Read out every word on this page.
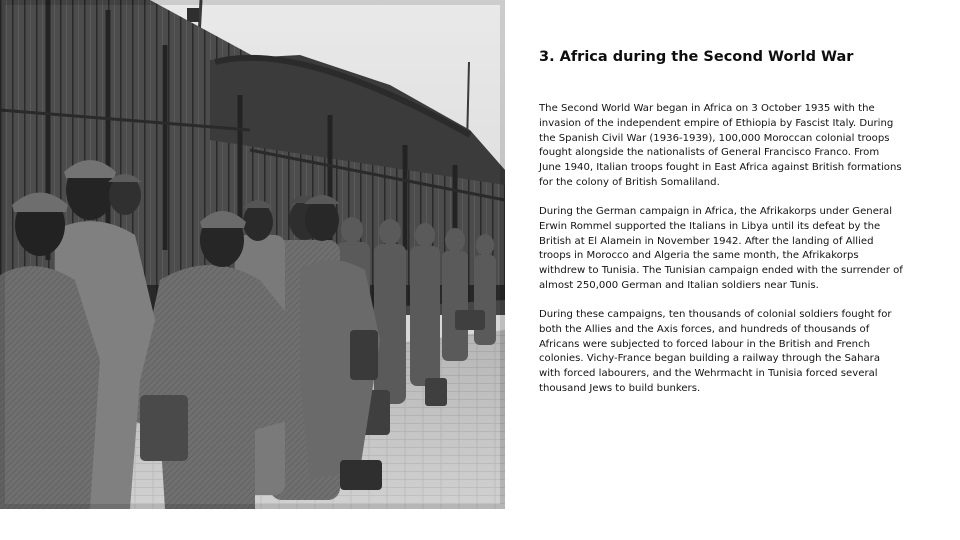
3. Africa during the Second World War

The Second World War began in Africa on 3 October 1935 with the invasion of the independent empire of Ethiopia by Fascist Italy. During the Spanish Civil War (1936-1939), 100,000 Moroccan colonial troops fought alongside the nationalists of General Francisco Franco. From June 1940, Italian troops fought in East Africa against British formations for the colony of British Somaliland.

During the German campaign in Africa, the Afrikakorps under General Erwin Rommel supported the Italians in Libya until its defeat by the British at El Alamein in November 1942. After the landing of Allied troops in Morocco and Algeria the same month, the Afrikakorps withdrew to Tunisia. The Tunisian campaign ended with the surrender of almost 250,000 German and Italian soldiers near Tunis.

During these campaigns, ten thousands of colonial soldiers fought for both the Allies and the Axis forces, and hundreds of thousands of Africans were subjected to forced labour in the British and French colonies. Vichy-France began building a railway through the Sahara with forced labourers, and the Wehrmacht in Tunisia forced several thousand Jews to build bunkers.
